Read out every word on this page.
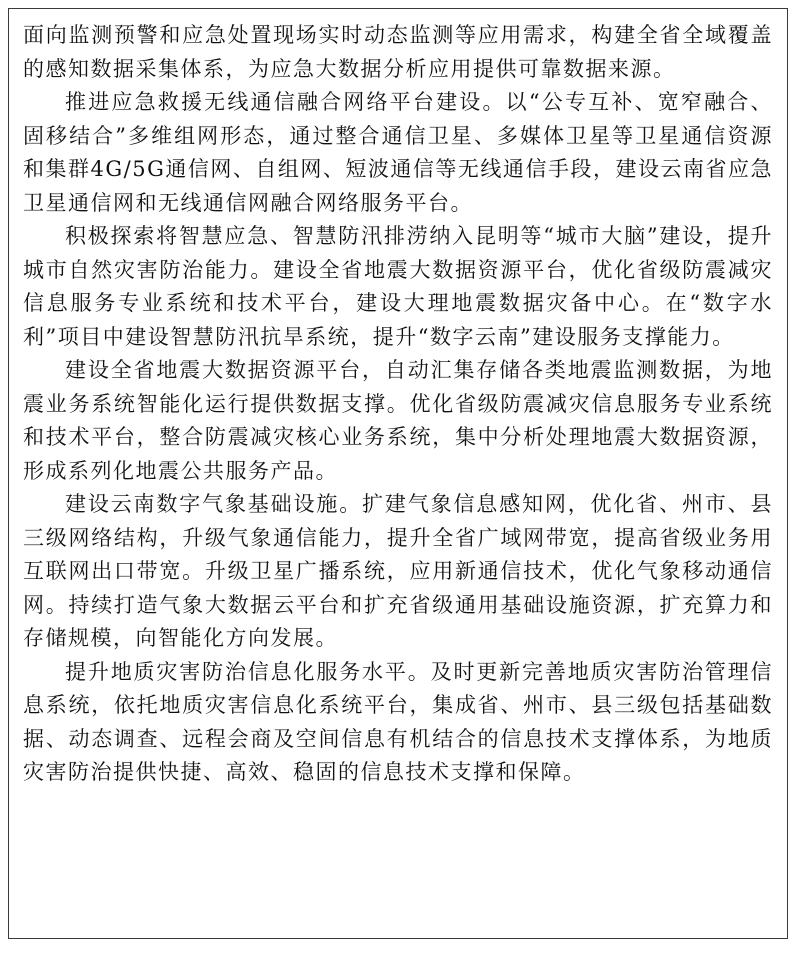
面向监测预警和应急处置现场实时动态监测等应用需求，构建全省全域覆盖的感知数据采集体系，为应急大数据分析应用提供可靠数据来源。

推进应急救援无线通信融合网络平台建设。以“公专互补、宽窄融合、固移结合”多维组网形态，通过整合通信卫星、多媒体卫星等卫星通信资源和集群4G/5G通信网、自组网、短波通信等无线通信手段，建设云南省应急卫星通信网和无线通信网融合网络服务平台。

积极探索将智慧应急、智慧防汛排涝纳入昆明等“城市大脑”建设，提升城市自然灾害防治能力。建设全省地震大数据资源平台，优化省级防震减灾信息服务专业系统和技术平台，建设大理地震数据灾备中心。在“数字水利”项目中建设智慧防汛抗旱系统，提升“数字云南”建设服务支撑能力。

建设全省地震大数据资源平台，自动汇集存储各类地震监测数据，为地震业务系统智能化运行提供数据支撑。优化省级防震减灾信息服务专业系统和技术平台，整合防震减灾核心业务系统，集中分析处理地震大数据资源，形成系列化地震公共服务产品。

建设云南数字气象基础设施。扩建气象信息感知网，优化省、州市、县三级网络结构，升级气象通信能力，提升全省广域网带宽，提高省级业务用互联网出口带宽。升级卫星广播系统，应用新通信技术，优化气象移动通信网。持续打造气象大数据云平台和扩充省级通用基础设施资源，扩充算力和存储规模，向智能化方向发展。

提升地质灾害防治信息化服务水平。及时更新完善地质灾害防治管理信息系统，依托地质灾害信息化系统平台，集成省、州市、县三级包括基础数据、动态调查、远程会商及空间信息有机结合的信息技术支撑体系，为地质灾害防治提供快捷、高效、稳固的信息技术支撑和保障。
